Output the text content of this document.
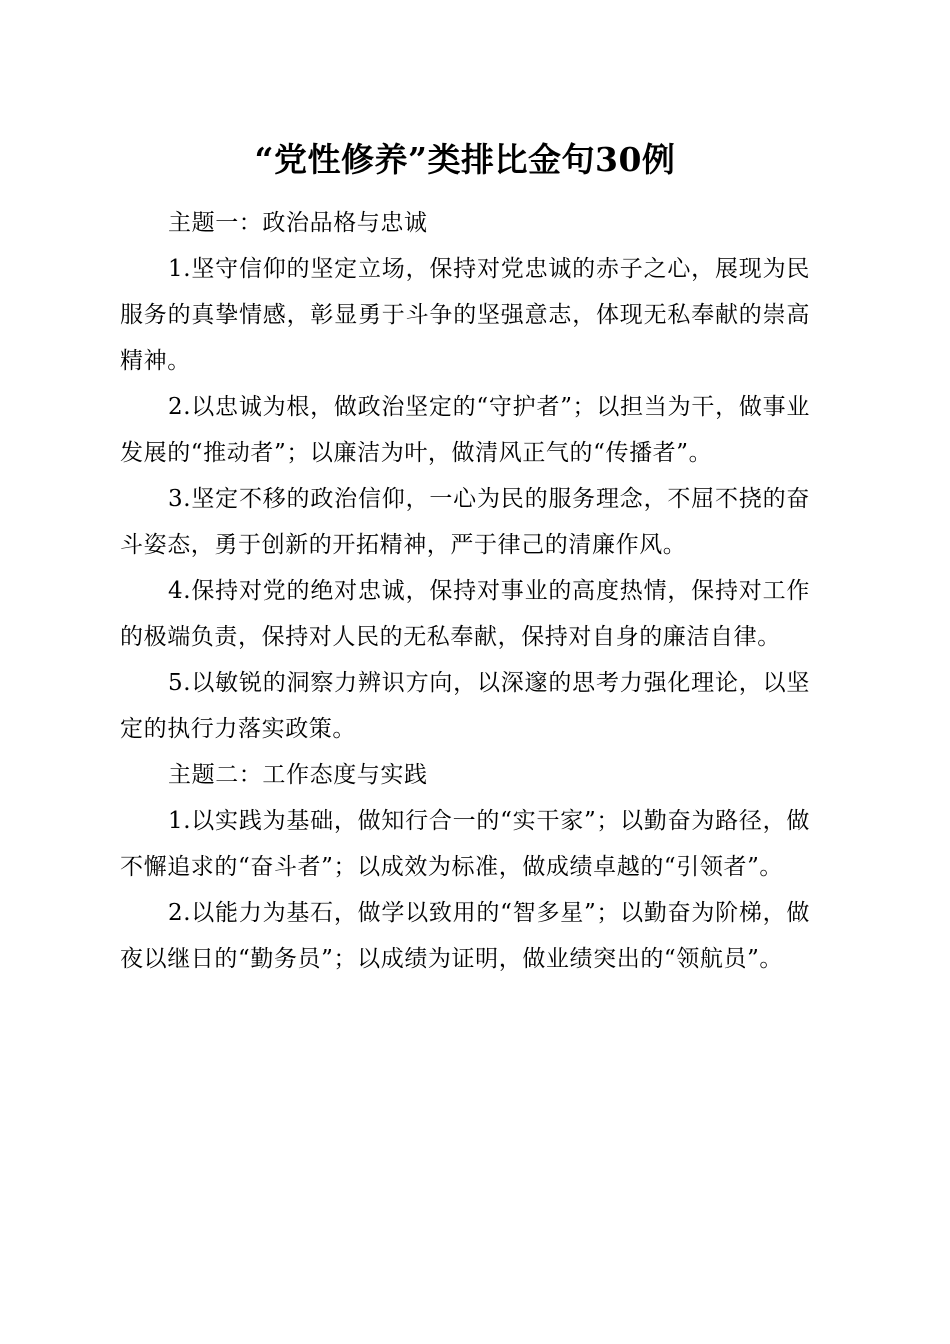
“党性修养”类排比金句30例

主题一：政治品格与忠诚

1.坚守信仰的坚定立场，保持对党忠诚的赤子之心，展现为民服务的真挚情感，彰显勇于斗争的坚强意志，体现无私奉献的崇高精神。

2.以忠诚为根，做政治坚定的“守护者”；以担当为干，做事业发展的“推动者”；以廉洁为叶，做清风正气的“传播者”。

3.坚定不移的政治信仰，一心为民的服务理念，不屈不挠的奋斗姿态，勇于创新的开拓精神，严于律己的清廉作风。

4.保持对党的绝对忠诚，保持对事业的高度热情，保持对工作的极端负责，保持对人民的无私奉献，保持对自身的廉洁自律。

5.以敏锐的洞察力辨识方向，以深邃的思考力强化理论，以坚定的执行力落实政策。

主题二：工作态度与实践

1.以实践为基础，做知行合一的“实干家”；以勤奋为路径，做不懈追求的“奋斗者”；以成效为标准，做成绩卓越的“引领者”。

2.以能力为基石，做学以致用的“智多星”；以勤奋为阶梯，做夜以继日的“勤务员”；以成绩为证明，做业绩突出的“领航员”。
